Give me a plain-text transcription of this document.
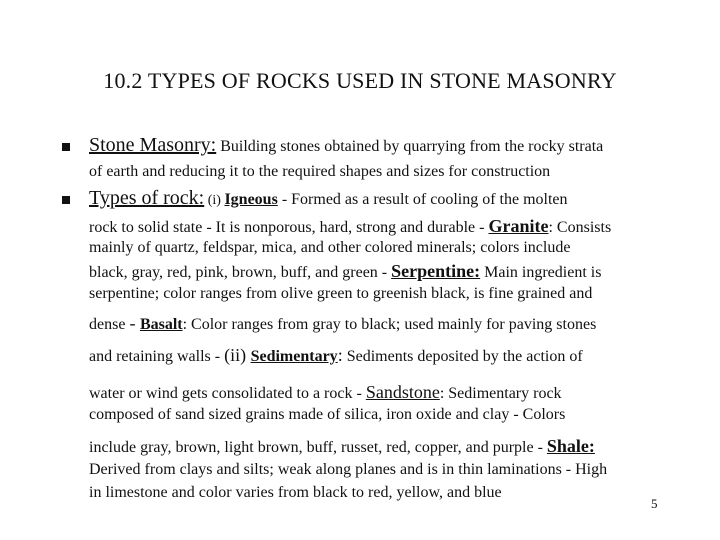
10.2 TYPES OF ROCKS USED IN STONE MASONRY
Stone Masonry: Building stones obtained by quarrying from the rocky strata
of earth and reducing it to the required shapes and sizes for construction
Types of rock: (i) Igneous - Formed as a result of cooling of the molten
rock to solid state - It is nonporous, hard, strong and durable - Granite: Consists
mainly of quartz, feldspar, mica, and other colored minerals; colors include
black, gray, red, pink, brown, buff, and green - Serpentine: Main ingredient is
serpentine; color ranges from olive green to greenish black, is fine grained and
dense - Basalt: Color ranges from gray to black; used mainly for paving stones
and retaining walls - (ii) Sedimentary: Sediments deposited by the action of
water or wind gets consolidated to a rock - Sandstone: Sedimentary rock
composed of sand sized grains made of silica, iron oxide and clay - Colors
include gray, brown, light brown, buff, russet, red, copper, and purple - Shale:
Derived from clays and silts; weak along planes and is in thin laminations - High
in limestone and color varies from black to red, yellow, and blue
5
